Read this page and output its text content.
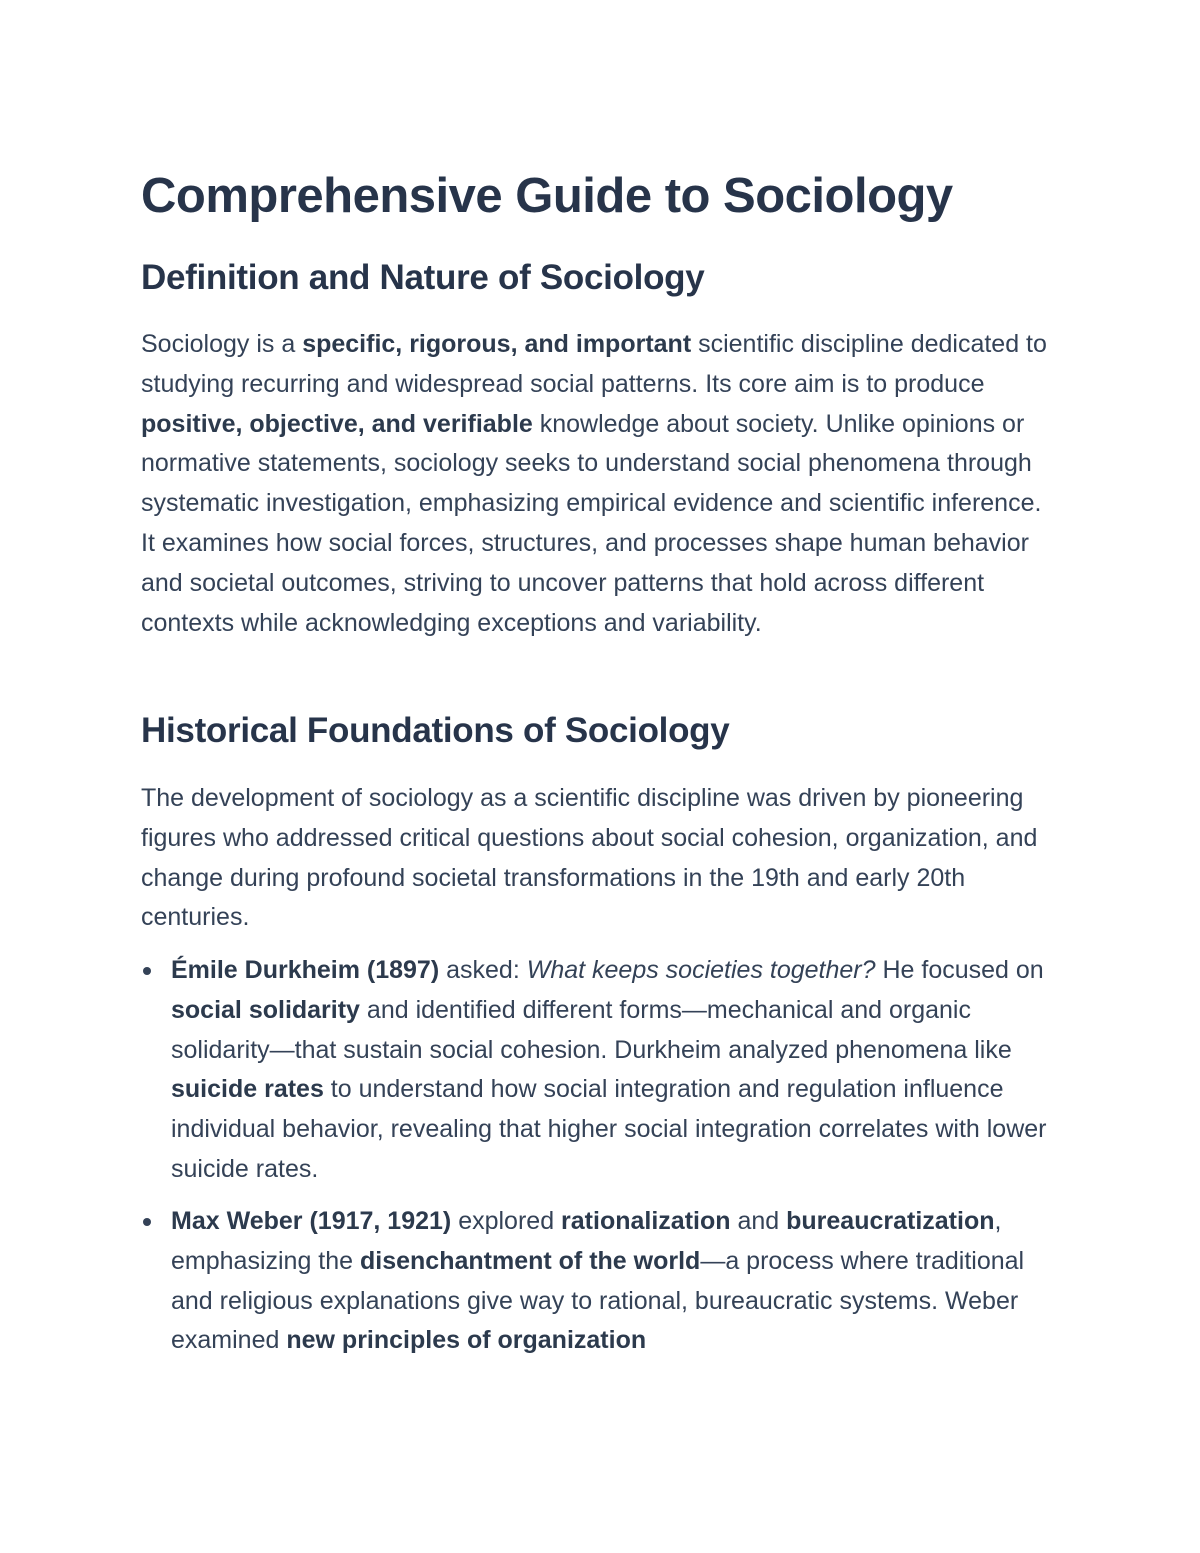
Comprehensive Guide to Sociology
Definition and Nature of Sociology

Sociology is a specific, rigorous, and important scientific discipline dedicated to studying recurring and widespread social patterns. Its core aim is to produce positive, objective, and verifiable knowledge about society. Unlike opinions or normative statements, sociology seeks to understand social phenomena through systematic investigation, emphasizing empirical evidence and scientific inference. It examines how social forces, structures, and processes shape human behavior and societal outcomes, striving to uncover patterns that hold across different contexts while acknowledging exceptions and variability.

Historical Foundations of Sociology

The development of sociology as a scientific discipline was driven by pioneering figures who addressed critical questions about social cohesion, organization, and change during profound societal transformations in the 19th and early 20th centuries.

Émile Durkheim (1897) asked: What keeps societies together? He focused on social solidarity and identified different forms—mechanical and organic solidarity—that sustain social cohesion. Durkheim analyzed phenomena like suicide rates to understand how social integration and regulation influence individual behavior, revealing that higher social integration correlates with lower suicide rates.

Max Weber (1917, 1921) explored rationalization and bureaucratization, emphasizing the disenchantment of the world—a process where traditional and religious explanations give way to rational, bureaucratic systems. Weber examined new principles of organization
